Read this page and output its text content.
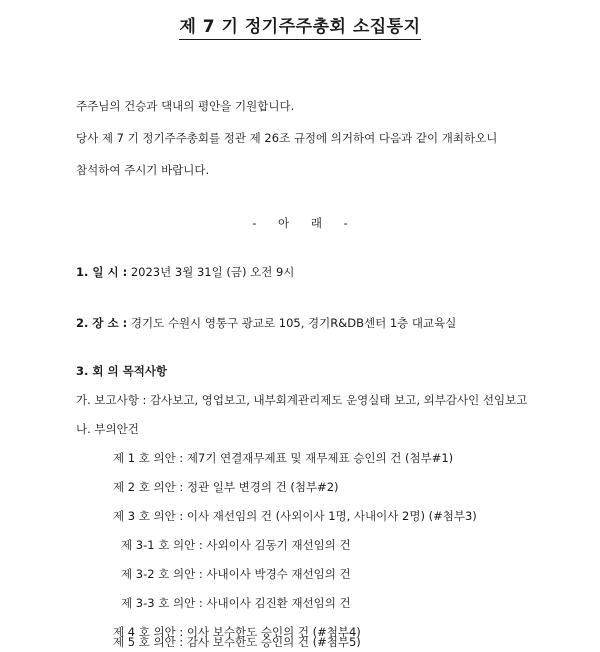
제 7 기 정기주주총회 소집통지
주주님의 건승과 댁내의 평안을 기원합니다.
당사 제 7 기 정기주주총회를 정관 제 26조 규정에 의거하여 다음과 같이 개최하오니
참석하여 주시기 바랍니다.
- 아 래 -
1. 일 시 : 2023년 3월 31일 (금) 오전 9시
2. 장 소 : 경기도 수원시 영통구 광교로 105, 경기R&DB센터 1층 대교육실
3. 회 의 목적사항
가. 보고사항 : 감사보고, 영업보고, 내부회계관리제도 운영실태 보고, 외부감사인 선임보고
나. 부의안건
제 1 호 의안 : 제7기 연결재무제표 및 재무제표 승인의 건 (첨부#1)
제 2 호 의안 : 정관 일부 변경의 건 (첨부#2)
제 3 호 의안 : 이사 재선임의 건 (사외이사 1명, 사내이사 2명) (#첨부3)
제 3-1 호 의안 : 사외이사 김동기 재선임의 건
제 3-2 호 의안 : 사내이사 박경수 재선임의 건
제 3-3 호 의안 : 사내이사 김진환 재선임의 건
제 4 호 의안 : 이사 보수한도 승인의 건 (#첨부4)
제 5 호 의안 : 감사 보수한도 승인의 건 (#첨부5)
